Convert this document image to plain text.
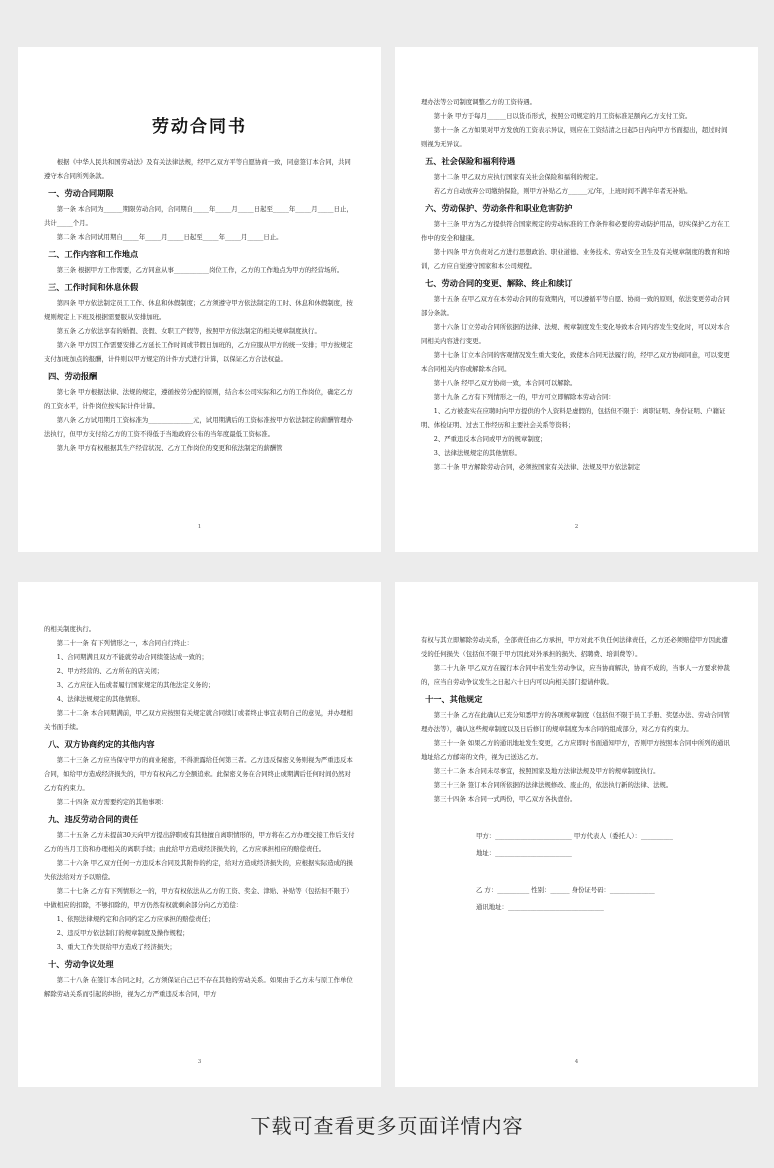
劳动合同书

根据《中华人民共和国劳动法》及有关法律法规，经甲乙双方平等自愿协商一致，同意签订本合同，共同遵守本合同所列条款。

一、劳动合同期限

第一条 本合同为______期限劳动合同，合同期自_____年_____月_____日起至_____年_____月_____日止，共计_____个月。

第二条 本合同试用期自_____年_____月_____日起至_____年_____月_____日止。

二、工作内容和工作地点

第三条 根据甲方工作需要，乙方同意从事___________岗位工作，乙方的工作地点为甲方的经营场所。

三、工作时间和休息休假

第四条 甲方依法制定员工工作、休息和休假制度；乙方须遵守甲方依法制定的工时、休息和休假制度，按规则规定上下班及根据需要服从安排加班。

第五条 乙方依法享有的婚假、丧假、女职工产假等，按照甲方依法制定的相关规章制度执行。

第六条 甲方因工作需要安排乙方延长工作时间或节假日加班的，乙方应服从甲方的统一安排；甲方按规定支付加班加点的报酬，计件则以甲方规定的计件方式进行计算，以保证乙方合法权益。

四、劳动报酬

第七条 甲方根据法律、法规的规定，遵循按劳分配的原则，结合本公司实际和乙方的工作岗位，确定乙方的工资水平，计件岗位按实际计件计算。

第八条 乙方试用期月工资标准为______________元，试用期满后的工资标准按甲方依法制定的薪酬管理办法执行，但甲方支付给乙方的工资不得低于当地政府公布的当年度最低工资标准。

第九条 甲方有权根据其生产经营状况、乙方工作岗位的变更和依法制定的薪酬管

1

理办法等公司制度调整乙方的工资待遇。

第十条 甲方于每月______日以货币形式，按照公司规定的月工资标准足额向乙方支付工资。

第十一条 乙方如果对甲方发放的工资表示异议，则应在工资结清之日起5日内向甲方书面提出，超过时间则视为无异议。

五、社会保险和福利待遇

第十二条 甲乙双方应执行国家有关社会保险和福利的规定。

若乙方自动放弃公司缴纳保险，则甲方补贴乙方______元/年，上班时间不满半年者无补贴。

六、劳动保护、劳动条件和职业危害防护

第十三条 甲方为乙方提供符合国家规定的劳动标准的工作条件和必要的劳动防护用品，切实保护乙方在工作中的安全和健康。

第十四条 甲方负责对乙方进行思想政治、职业道德、业务技术、劳动安全卫生及有关规章制度的教育和培训，乙方应自觉遵守国家和本公司规程。

七、劳动合同的变更、解除、终止和续订

第十五条 在甲乙双方在本劳动合同的有效期内，可以遵循平等自愿、协商一致的原则，依法变更劳动合同部分条款。

第十六条 订立劳动合同所依据的法律、法规、规章制度发生变化导致本合同内容发生变化时，可以对本合同相关内容进行变更。

第十七条 订立本合同的客观情况发生重大变化，致使本合同无法履行的，经甲乙双方协商同意，可以变更本合同相关内容或解除本合同。

第十八条 经甲乙双方协商一致，本合同可以解除。

第十九条 乙方有下列情形之一的，甲方可立即解除本劳动合同：

1、乙方被查实在应聘时向甲方提供的个人资料是虚假的，包括但不限于：离职证明、身份证明、户籍证明、体检证明、过去工作经历和主要社会关系等资料；

2、严重违反本合同或甲方的规章制度；

3、法律法规规定的其他情形。

第二十条 甲方解除劳动合同，必须按国家有关法律、法规及甲方依法制定

2

的相关制度执行。

第二十一条 有下列情形之一，本合同自行终止：

1、合同期满且双方不能就劳动合同续签达成一致的；

2、甲方经营的、乙方所在的店关闭；

3、乙方应征入伍或者履行国家规定的其他法定义务的；

4、法律法规规定的其他情形。

第二十二条 本合同期满前，甲乙双方应按照有关规定就合同续订或者终止事宜表明自己的意见，并办理相关书面手续。

八、双方协商约定的其他内容

第二十三条 乙方应当保守甲方的商业秘密，不得泄露给任何第三者。乙方违反保密义务则视为严重违反本合同，如给甲方造成经济损失的，甲方有权向乙方全额追索。此保密义务在合同终止或期满后任何时间仍然对乙方有约束力。

第二十四条 双方需要约定的其他事项：

九、违反劳动合同的责任

第二十五条 乙方未提前30天向甲方提出辞职或有其他擅自离职情形的，甲方将在乙方办理交接工作后支付乙方的当月工资和办理相关的离职手续；由此给甲方造成经济损失的，乙方应承担相应的赔偿责任。

第二十六条 甲乙双方任何一方违反本合同及其附件的约定，给对方造成经济损失的，应根据实际造成的损失依法给对方予以赔偿。

第二十七条 乙方有下列情形之一的，甲方有权依法从乙方的工资、奖金、津贴、补贴等（包括但不限于）中做相应的扣除，不够扣除的，甲方仍然有权就剩余部分向乙方追偿：

1、依照法律规约定和合同约定乙方应承担的赔偿责任；

2、违反甲方依法制订的规章制度及操作规程；

3、重大工作失误给甲方造成了经济损失；

十、劳动争议处理

第二十八条 在签订本合同之时，乙方须保证自己已不存在其他的劳动关系。如果由于乙方未与原工作单位解除劳动关系而引起的纠纷，视为乙方严重违反本合同，甲方

3

有权与其立即解除劳动关系，全部责任由乙方承担，甲方对此不负任何法律责任，乙方还必须赔偿甲方因此遭受的任何损失（包括但不限于甲方因此对外承担的损失、招聘费、培训费等）。

第二十九条 甲乙双方在履行本合同中若发生劳动争议，应当协商解决，协商不成的，当事人一方要求仲裁的，应当自劳动争议发生之日起六十日内可以向相关部门提请仲裁。

十一、其他规定

第三十条 乙方在此确认已充分知悉甲方的各项规章制度（包括但不限于员工手册、奖惩办法、劳动合同管理办法等），确认这些规章制度以及日后修订的规章制度为本合同的组成部分，对乙方有约束力。

第三十一条 如果乙方的通讯地址发生变更，乙方应即时书面通知甲方，否则甲方按照本合同中所列的通讯地址给乙方邮寄的文件，视为已送达乙方。

第三十二条 本合同未尽事宜，按照国家及地方法律法规及甲方的规章制度执行。

第三十三条 签订本合同所依据的法律法规修改、废止的，依法执行新的法律、法规。

第三十四条 本合同一式两份，甲乙双方各执壹份。

甲方：________________________ 甲方代表人（委托人）：__________

地址：________________________

乙 方：__________ 性别：______ 身份证号码：______________

通讯地址：______________________________

4
下载可查看更多页面详情内容
